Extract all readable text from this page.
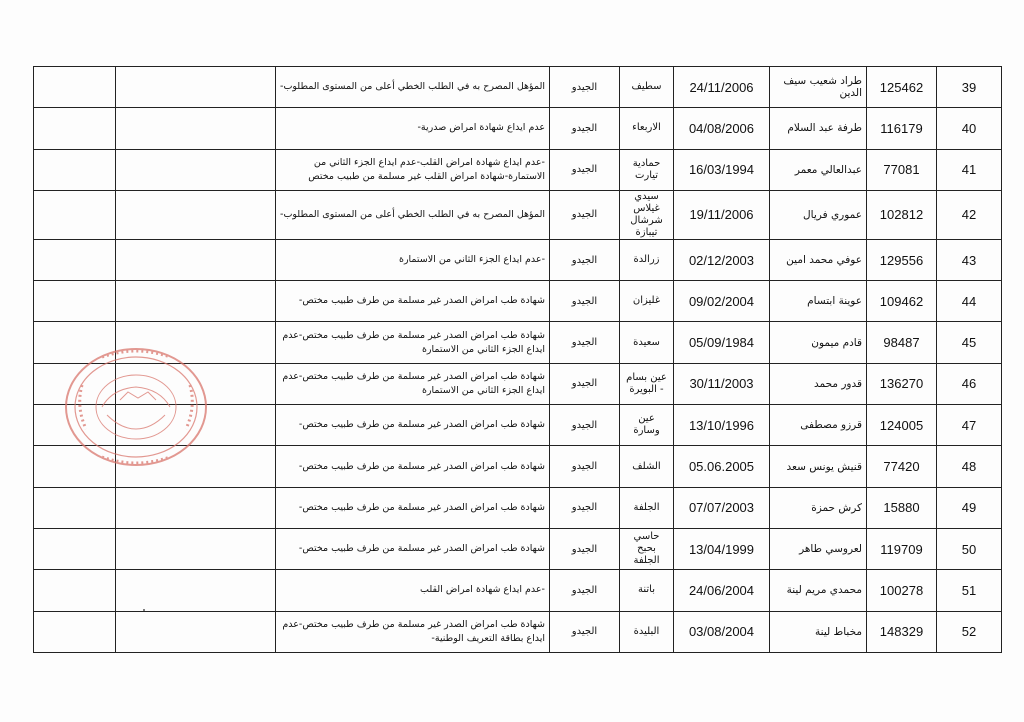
		المؤهل المصرح به في الطلب الخطي أعلى من المستوى المطلوب-	الجيدو	سطيف	24/11/2006	طراد شعيب سيف الدين	125462	39
		عدم ايداع شهادة امراض صدرية-	الجيدو	الاربعاء	04/08/2006	طرفة عبد السلام	116179	40
		-عدم ايداع شهادة امراض القلب-عدم ايداع الجزء الثاني من الاستمارة-شهادة امراض القلب غير مسلمة من طبيب مختص	الجيدو	حمادية تيارت	16/03/1994	عبدالعالي معمر	77081	41
		المؤهل المصرح به في الطلب الخطي أعلى من المستوى المطلوب-	الجيدو	سيدي غيلاس شرشال تيبازة	19/11/2006	عموري فريال	102812	42
		-عدم ايداع الجزء الثاني من الاستمارة	الجيدو	زرالدة	02/12/2003	عوفي محمد امين	129556	43
		شهادة طب امراض الصدر غير مسلمة من طرف طبيب مختص-	الجيدو	غليزان	09/02/2004	عوينة ابتسام	109462	44
		شهادة طب امراض الصدر غير مسلمة من طرف طبيب مختص-عدم ايداع الجزء الثاني من الاستمارة	الجيدو	سعيدة	05/09/1984	قادم ميمون	98487	45
		شهادة طب امراض الصدر غير مسلمة من طرف طبيب مختص-عدم ايداع الجزء الثاني من الاستمارة	الجيدو	عين بسام - البويرة	30/11/2003	قدور محمد	136270	46
		شهادة طب امراض الصدر غير مسلمة من طرف طبيب مختص-	الجيدو	عين وسارة	13/10/1996	قرزو مصطفى	124005	47
		شهادة طب امراض الصدر غير مسلمة من طرف طبيب مختص-	الجيدو	الشلف	05.06.2005	قنيش يونس سعد	77420	48
		شهادة طب امراض الصدر غير مسلمة من طرف طبيب مختص-	الجيدو	الجلفة	07/07/2003	كرش حمزة	15880	49
		شهادة طب امراض الصدر غير مسلمة من طرف طبيب مختص-	الجيدو	حاسي بحبح الجلفة	13/04/1999	لعروسي طاهر	119709	50
		-عدم ايداع شهادة امراض القلب	الجيدو	باتنة	24/06/2004	محمدي مريم لينة	100278	51
		شهادة طب امراض الصدر غير مسلمة من طرف طبيب مختص-عدم ايداع بطاقة التعريف الوطنية-	الجيدو	البليدة	03/08/2004	مخباط لينة	148329	52
